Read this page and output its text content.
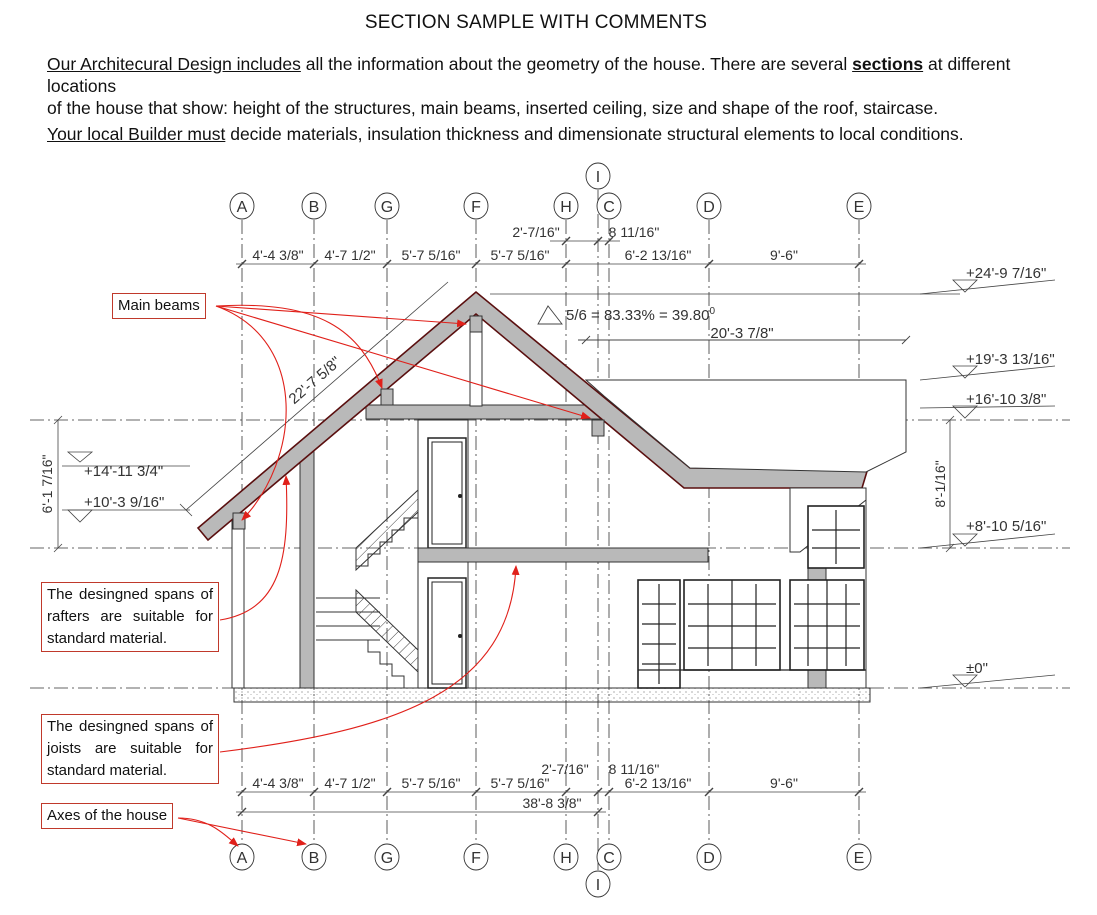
SECTION SAMPLE WITH COMMENTS
Our Architecural Design includes all the information about the geometry of the house. There are several sections at different locations
of the house that show: height of the structures, main beams, inserted ceiling, size and shape of the roof, staircase.
Your local Builder must decide materials, insulation thickness and dimensionate structural elements to local conditions.
A	B	G	F	H C	D	E
I
A	B	G	F	H C	D	E
I
4'-4 3/8" 4'-7 1/2" 5'-7 5/16" 5'-7 5/16"	6'-2 13/16"	9'-6"
2'-7/16"	8 11/16"
4'-4 3/8" 4'-7 1/2" 5'-7 5/16" 5'-7 5/16"	6'-2 13/16"	9'-6"
2'-7/16" 8 11/16"
38'-8 3/8"
+24'-9 7/16"
+19'-3 13/16"
+16'-10 3/8"
+8'-10 5/16"
±0"
8'-1/16"
+14'-11 3/4"
+10'-3 9/16"
6'-1 7/16"
22'-7 5/8"
$5/6 = 83.33\% = 39.80^0$
20'-3 7/8"
Main beams
The desingned spans of rafters are suitable for standard material.
The desingned spans of joists are suitable for standard material.
Axes of the house
